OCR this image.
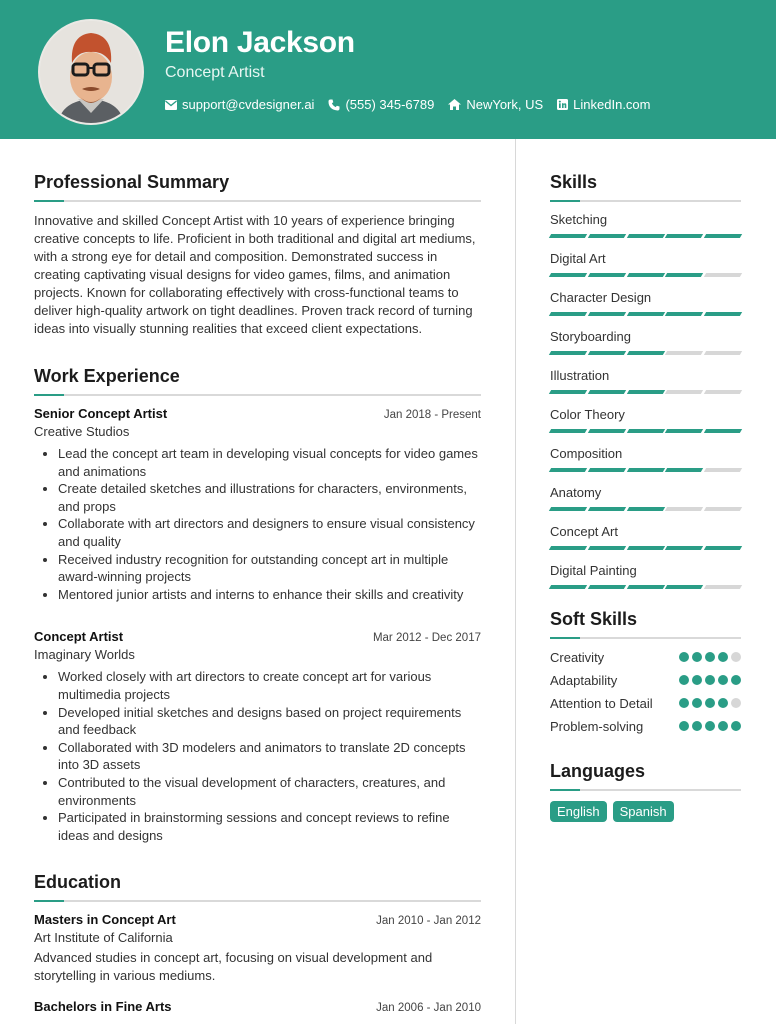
Elon Jackson
Concept Artist
support@cvdesigner.ai (555) 345-6789 NewYork, US LinkedIn.com
Professional Summary

Innovative and skilled Concept Artist with 10 years of experience bringing creative concepts to life. Proficient in both traditional and digital art mediums, with a strong eye for detail and composition. Demonstrated success in creating captivating visual designs for video games, films, and animation projects. Known for collaborating effectively with cross-functional teams to deliver high-quality artwork on tight deadlines. Proven track record of turning ideas into visually stunning realities that exceed client expectations.

Work Experience
Senior Concept Artist	Jan 2018 - Present
Creative Studios
• Lead the concept art team in developing visual concepts for video games and animations
• Create detailed sketches and illustrations for characters, environments, and props
• Collaborate with art directors and designers to ensure visual consistency and quality
• Received industry recognition for outstanding concept art in multiple award-winning projects
• Mentored junior artists and interns to enhance their skills and creativity
Concept Artist	Mar 2012 - Dec 2017
Imaginary Worlds
• Worked closely with art directors to create concept art for various multimedia projects
• Developed initial sketches and designs based on project requirements and feedback
• Collaborated with 3D modelers and animators to translate 2D concepts into 3D assets
• Contributed to the visual development of characters, creatures, and environments
• Participated in brainstorming sessions and concept reviews to refine ideas and designs
Education
Masters in Concept Art	Jan 2010 - Jan 2012
Art Institute of California
Advanced studies in concept art, focusing on visual development and storytelling in various mediums.
Bachelors in Fine Arts	Jan 2006 - Jan 2010
Skills
Sketching
Digital Art
Character Design
Storyboarding
Illustration
Color Theory
Composition
Anatomy
Concept Art
Digital Painting
Soft Skills
Creativity
Adaptability
Attention to Detail
Problem-solving
Languages
English	Spanish
